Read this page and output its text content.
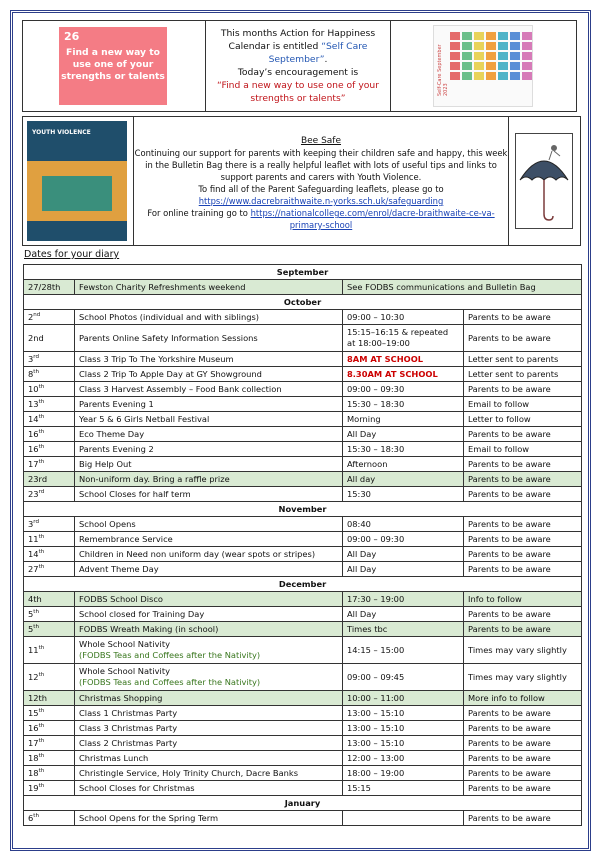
26
Find a new way to use one of your strengths or talents
This months Action for Happiness Calendar is entitled “Self Care September”.
Today’s encouragement is
“Find a new way to use one of your strengths or talents”
Self-Care September 2023
YOUTH VIOLENCE
Bee Safe
Continuing our support for parents with keeping their children safe and happy, this week in the Bulletin Bag there is a really helpful leaflet with lots of useful tips and links to support parents and carers with Youth Violence.
To find all of the Parent Safeguarding leaflets, please go to
https://www.dacrebraithwaite.n-yorks.sch.uk/safeguarding
For online training go to https://nationalcollege.com/enrol/dacre-braithwaite-ce-va-primary-school
Dates for your diary
September			
27/28th	Fewston Charity Refreshments weekend	See FODBS communications and Bulletin Bag	
October			
2nd	School Photos (individual and with siblings)	09:00 – 10:30	Parents to be aware
2nd	Parents Online Safety Information Sessions	15:15–16:15 & repeated at 18:00–19:00	Parents to be aware
3rd	Class 3 Trip To The Yorkshire Museum	8AM AT SCHOOL	Letter sent to parents
8th	Class 2 Trip To Apple Day at GY Showground	8.30AM AT SCHOOL	Letter sent to parents
10th	Class 3 Harvest Assembly – Food Bank collection	09:00 – 09:30	Parents to be aware
13th	Parents Evening 1	15:30 – 18:30	Email to follow
14th	Year 5 & 6 Girls Netball Festival	Morning	Letter to follow
16th	Eco Theme Day	All Day	Parents to be aware
16th	Parents Evening 2	15:30 – 18:30	Email to follow
17th	Big Help Out	Afternoon	Parents to be aware
23rd	Non-uniform day. Bring a raffle prize	All day	Parents to be aware
23rd	School Closes for half term	15:30	Parents to be aware
November			
3rd	School Opens	08:40	Parents to be aware
11th	Remembrance Service	09:00 – 09:30	Parents to be aware
14th	Children in Need non uniform day (wear spots or stripes)	All Day	Parents to be aware
27th	Advent Theme Day	All Day	Parents to be aware
December			
4th	FODBS School Disco	17:30 – 19:00	Info to follow
5th	School closed for Training Day	All Day	Parents to be aware
5th	FODBS Wreath Making (in school)	Times tbc	Parents to be aware
11th	Whole School Nativity
(FODBS Teas and Coffees after the Nativity)	14:15 – 15:00	Times may vary slightly
12th	Whole School Nativity
(FODBS Teas and Coffees after the Nativity)	09:00 – 09:45	Times may vary slightly
12th	Christmas Shopping	10:00 – 11:00	More info to follow
15th	Class 1 Christmas Party	13:00 – 15:10	Parents to be aware
16th	Class 3 Christmas Party	13:00 – 15:10	Parents to be aware
17th	Class 2 Christmas Party	13:00 – 15:10	Parents to be aware
18th	Christmas Lunch	12:00 – 13:00	Parents to be aware
18th	Christingle Service, Holy Trinity Church, Dacre Banks	18:00 – 19:00	Parents to be aware
19th	School Closes for Christmas	15:15	Parents to be aware
January			
6th	School Opens for the Spring Term		Parents to be aware
